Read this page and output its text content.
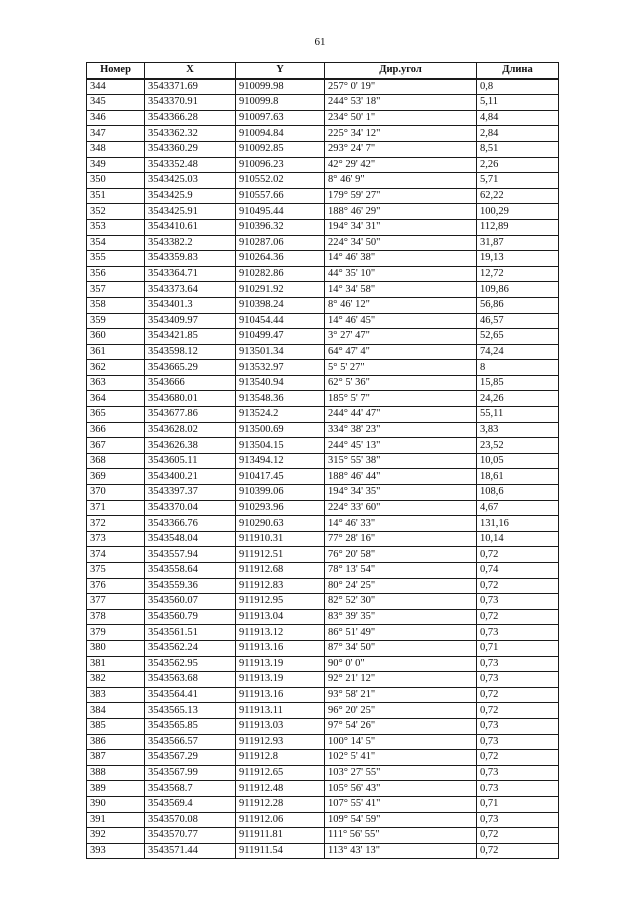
61
Номер	X	Y	Дир.угол	Длина
344	3543371.69	910099.98	257° 0' 19"	0,8
345	3543370.91	910099.8	244° 53' 18"	5,11
346	3543366.28	910097.63	234° 50' 1"	4,84
347	3543362.32	910094.84	225° 34' 12"	2,84
348	3543360.29	910092.85	293° 24' 7"	8,51
349	3543352.48	910096.23	42° 29' 42"	2,26
350	3543425.03	910552.02	8° 46' 9"	5,71
351	3543425.9	910557.66	179° 59' 27"	62,22
352	3543425.91	910495.44	188° 46' 29"	100,29
353	3543410.61	910396.32	194° 34' 31"	112,89
354	3543382.2	910287.06	224° 34' 50"	31,87
355	3543359.83	910264.36	14° 46' 38"	19,13
356	3543364.71	910282.86	44° 35' 10"	12,72
357	3543373.64	910291.92	14° 34' 58"	109,86
358	3543401.3	910398.24	8° 46' 12"	56,86
359	3543409.97	910454.44	14° 46' 45"	46,57
360	3543421.85	910499.47	3° 27' 47"	52,65
361	3543598.12	913501.34	64° 47' 4"	74,24
362	3543665.29	913532.97	5° 5' 27"	8
363	3543666	913540.94	62° 5' 36"	15,85
364	3543680.01	913548.36	185° 5' 7"	24,26
365	3543677.86	913524.2	244° 44' 47"	55,11
366	3543628.02	913500.69	334° 38' 23"	3,83
367	3543626.38	913504.15	244° 45' 13"	23,52
368	3543605.11	913494.12	315° 55' 38"	10,05
369	3543400.21	910417.45	188° 46' 44"	18,61
370	3543397.37	910399.06	194° 34' 35"	108,6
371	3543370.04	910293.96	224° 33' 60"	4,67
372	3543366.76	910290.63	14° 46' 33"	131,16
373	3543548.04	911910.31	77° 28' 16"	10,14
374	3543557.94	911912.51	76° 20' 58"	0,72
375	3543558.64	911912.68	78° 13' 54"	0,74
376	3543559.36	911912.83	80° 24' 25"	0,72
377	3543560.07	911912.95	82° 52' 30"	0,73
378	3543560.79	911913.04	83° 39' 35"	0,72
379	3543561.51	911913.12	86° 51' 49"	0,73
380	3543562.24	911913.16	87° 34' 50"	0,71
381	3543562.95	911913.19	90° 0' 0"	0,73
382	3543563.68	911913.19	92° 21' 12"	0,73
383	3543564.41	911913.16	93° 58' 21"	0,72
384	3543565.13	911913.11	96° 20' 25"	0,72
385	3543565.85	911913.03	97° 54' 26"	0,73
386	3543566.57	911912.93	100° 14' 5"	0,73
387	3543567.29	911912.8	102° 5' 41"	0,72
388	3543567.99	911912.65	103° 27' 55"	0,73
389	3543568.7	911912.48	105° 56' 43"	0.73
390	3543569.4	911912.28	107° 55' 41"	0,71
391	3543570.08	911912.06	109° 54' 59"	0,73
392	3543570.77	911911.81	111° 56' 55"	0,72
393	3543571.44	911911.54	113° 43' 13"	0,72
